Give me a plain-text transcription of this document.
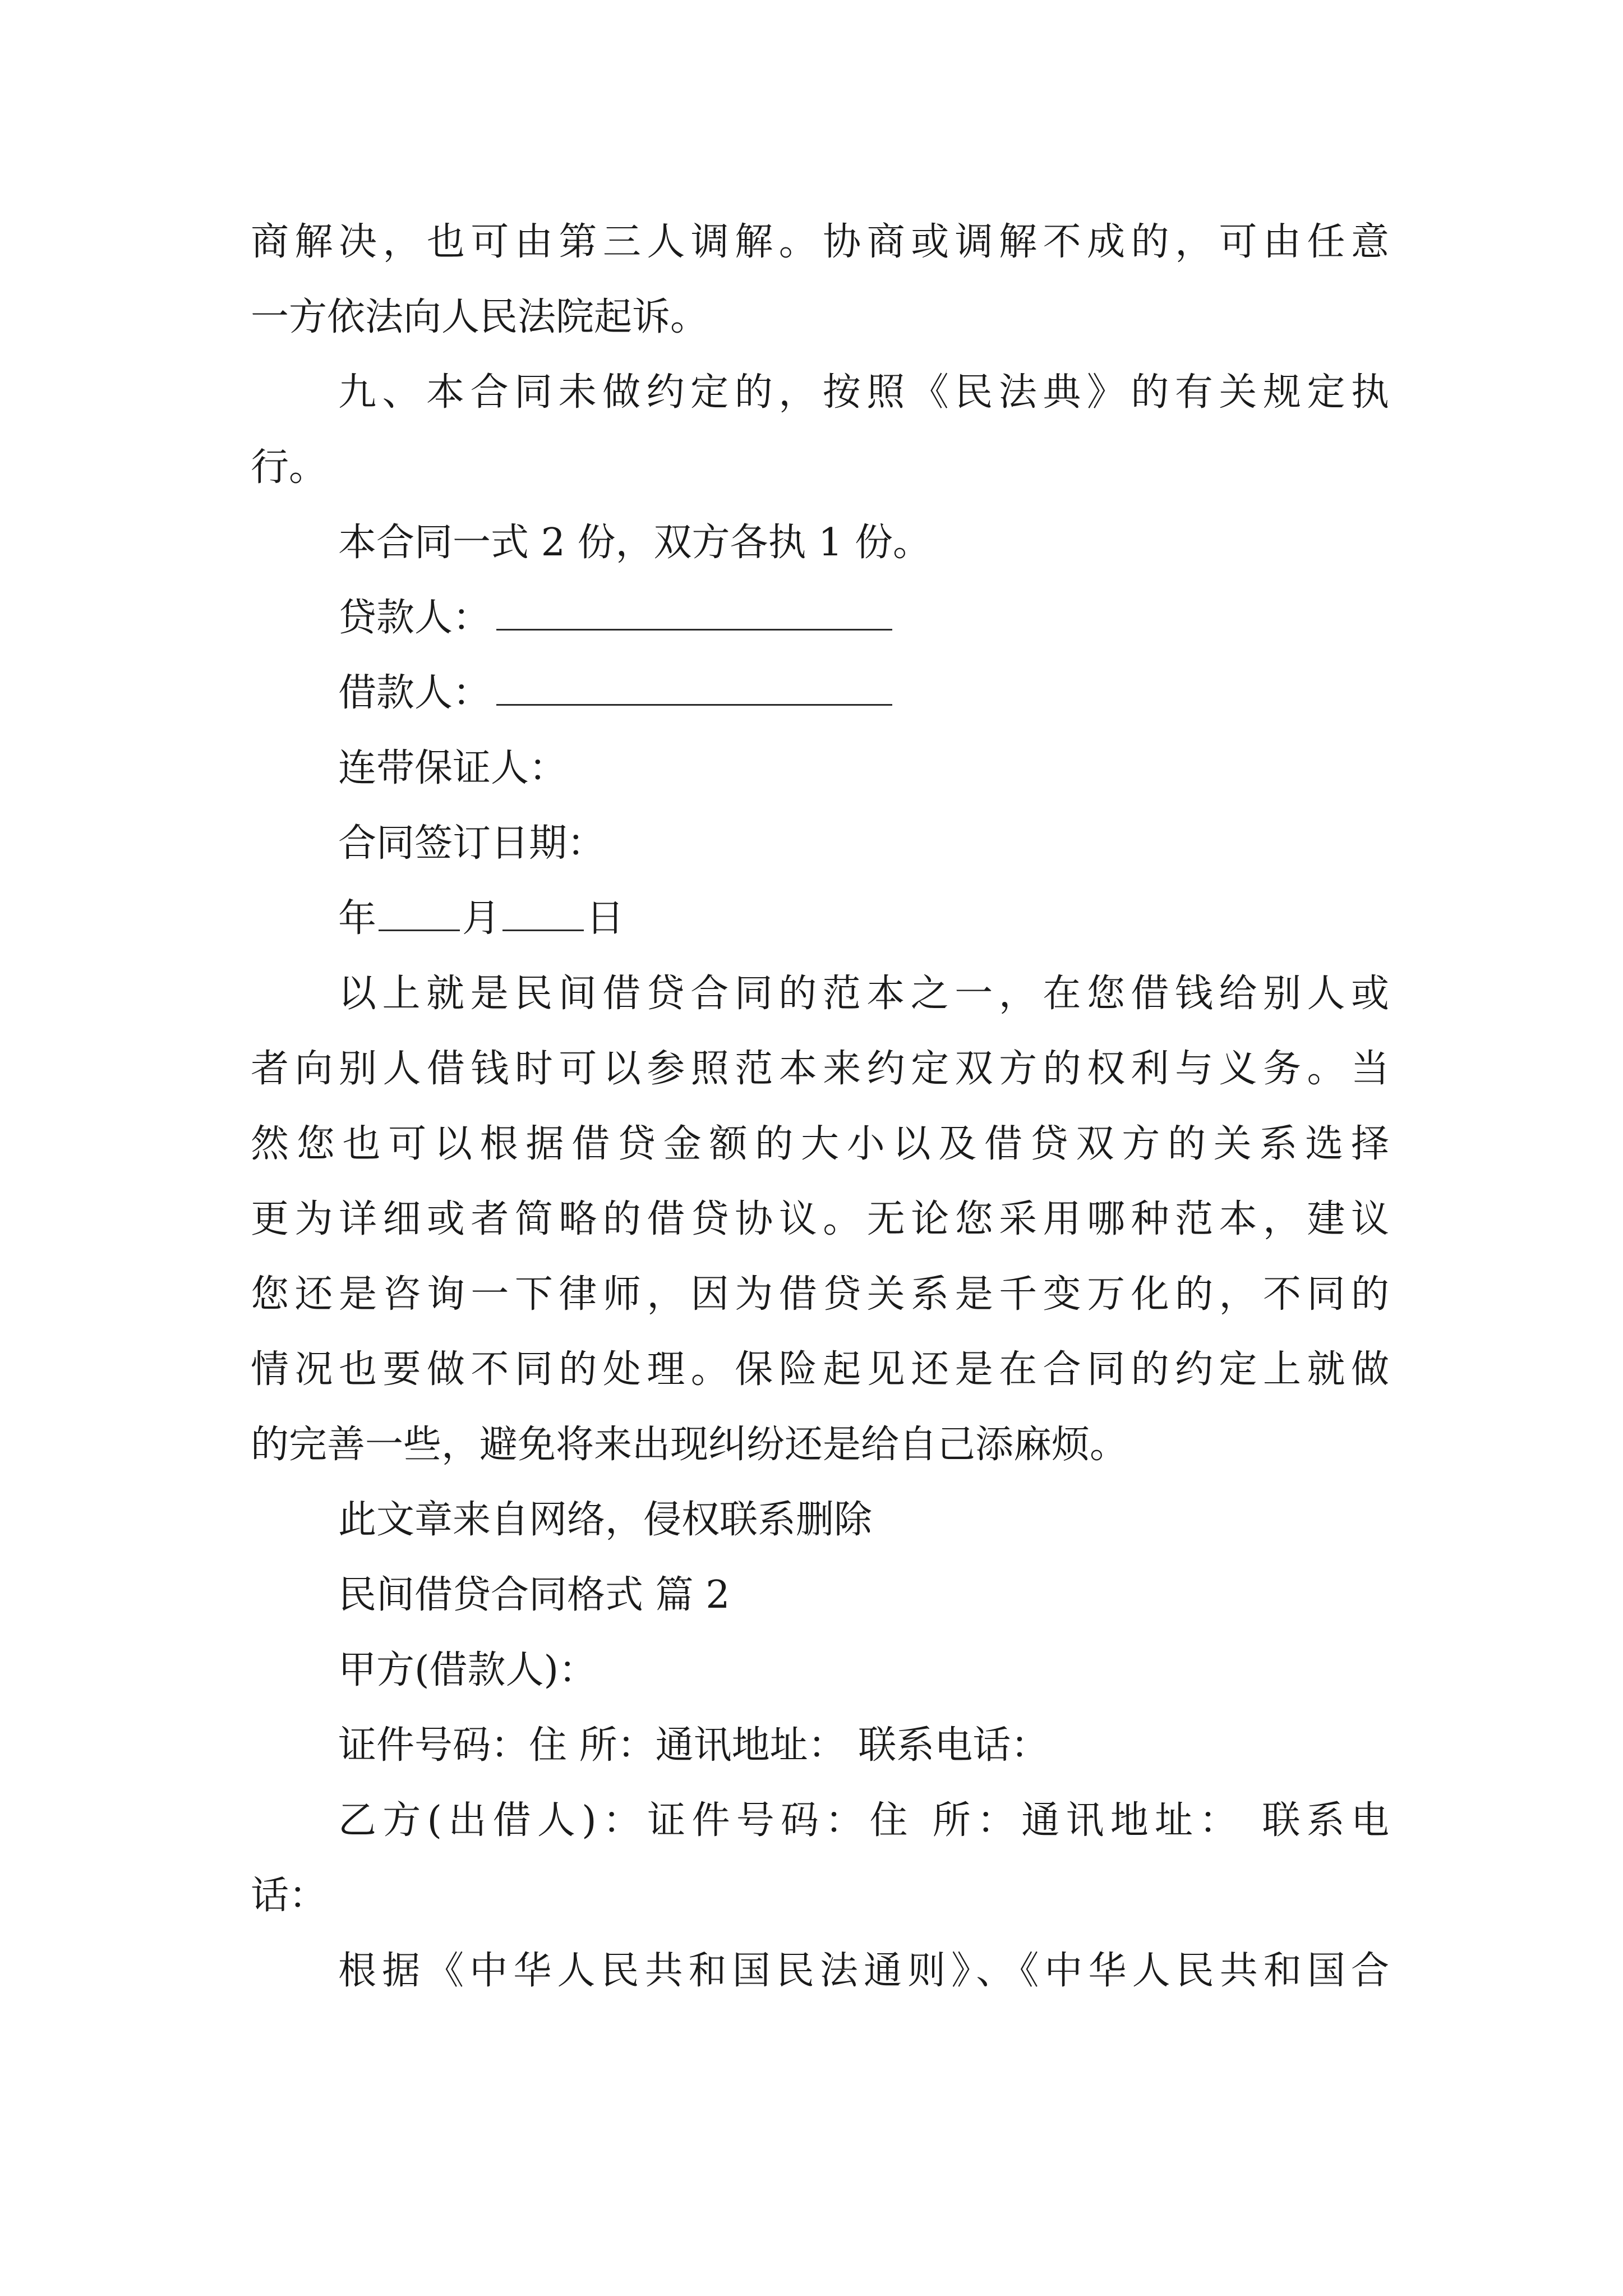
商解决，也可由第三人调解。协商或调解不成的，可由任意
一方依法向人民法院起诉。
九、本合同未做约定的，按照《民法典》的有关规定执
行。
本合同一式 2 份，双方各执 1 份。
贷款人：
借款人：
连带保证人：
合同签订日期：
年 月 日
以上就是民间借贷合同的范本之一，在您借钱给别人或
者向别人借钱时可以参照范本来约定双方的权利与义务。当
然您也可以根据借贷金额的大小以及借贷双方的关系选择
更为详细或者简略的借贷协议。无论您采用哪种范本，建议
您还是咨询一下律师，因为借贷关系是千变万化的，不同的
情况也要做不同的处理。保险起见还是在合同的约定上就做
的完善一些，避免将来出现纠纷还是给自己添麻烦。
此文章来自网络，侵权联系删除
民间借贷合同格式 篇 2
甲方(借款人)：
证件号码：住 所：通讯地址： 联系电话：
乙方(出借人)：证件号码：住 所：通讯地址： 联系电
话：
根据《中华人民共和国民法通则》、《中华人民共和国合
